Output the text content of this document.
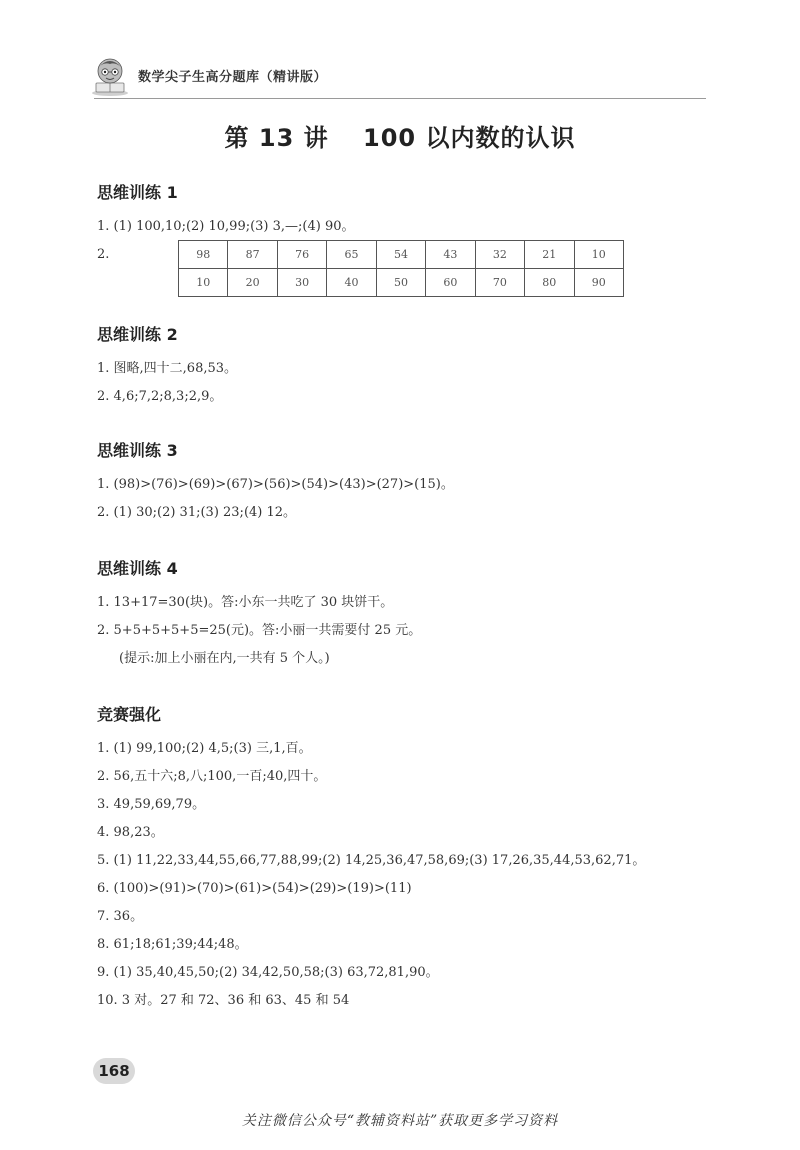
数学尖子生高分题库（精讲版）
第 13 讲　 100 以内数的认识
思维训练 1
1. (1) 100,10;(2) 10,99;(3) 3,—;(4) 90。
2.	98	87	76	65	54	43	32	21	10
10	20	30	40	50	60	70	80	90
思维训练 2
1. 图略,四十二,68,53。
2. 4,6;7,2;8,3;2,9。
思维训练 3
1. (98)>(76)>(69)>(67)>(56)>(54)>(43)>(27)>(15)。
2. (1) 30;(2) 31;(3) 23;(4) 12。
思维训练 4
1. 13+17=30(块)。答:小东一共吃了 30 块饼干。
2. 5+5+5+5+5=25(元)。答:小丽一共需要付 25 元。
(提示:加上小丽在内,一共有 5 个人。)
竞赛强化
1. (1) 99,100;(2) 4,5;(3) 三,1,百。
2. 56,五十六;8,八;100,一百;40,四十。
3. 49,59,69,79。
4. 98,23。
5. (1) 11,22,33,44,55,66,77,88,99;(2) 14,25,36,47,58,69;(3) 17,26,35,44,53,62,71。
6. (100)>(91)>(70)>(61)>(54)>(29)>(19)>(11)
7. 36。
8. 61;18;61;39;44;48。
9. (1) 35,40,45,50;(2) 34,42,50,58;(3) 63,72,81,90。
10. 3 对。27 和 72、36 和 63、45 和 54
168
关注微信公众号“教辅资料站”获取更多学习资料
